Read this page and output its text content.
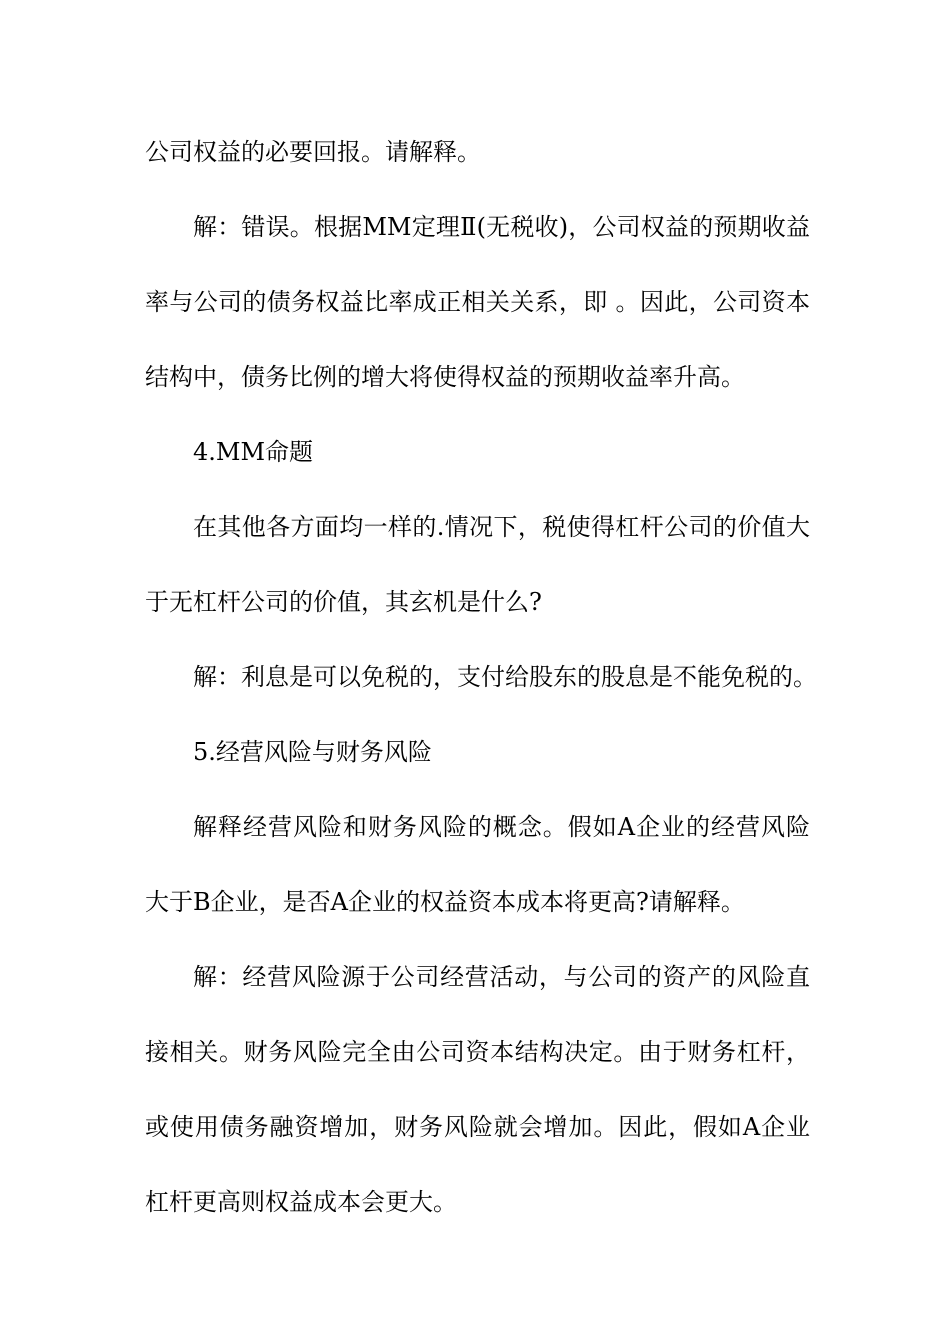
公司权益的必要回报。请解释。

解：错误。根据MM定理Ⅱ(无税收)，公司权益的预期收益

率与公司的债务权益比率成正相关关系，即 。因此，公司资本

结构中，债务比例的增大将使得权益的预期收益率升高。

4.MM命题

在其他各方面均一样的.情况下，税使得杠杆公司的价值大

于无杠杆公司的价值，其玄机是什么?

解：利息是可以免税的，支付给股东的股息是不能免税的。

5.经营风险与财务风险

解释经营风险和财务风险的概念。假如A企业的经营风险

大于B企业，是否A企业的权益资本成本将更高?请解释。

解：经营风险源于公司经营活动，与公司的资产的风险直

接相关。财务风险完全由公司资本结构决定。由于财务杠杆，

或使用债务融资增加，财务风险就会增加。因此，假如A企业

杠杆更高则权益成本会更大。
